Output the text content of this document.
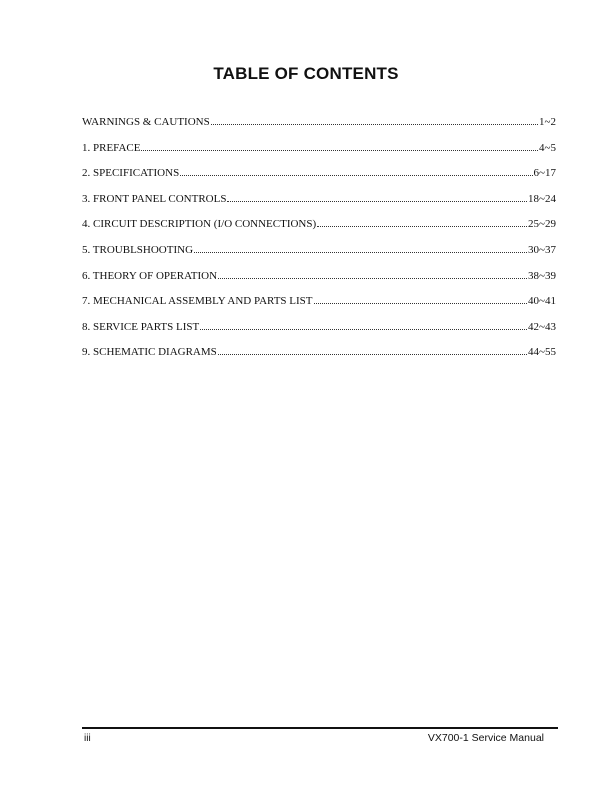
TABLE OF CONTENTS
WARNINGS & CAUTIONS	1~2
1. PREFACE	4~5
2. SPECIFICATIONS	6~17
3. FRONT PANEL CONTROLS	18~24
4. CIRCUIT DESCRIPTION (I/O CONNECTIONS)	25~29
5. TROUBLSHOOTING	30~37
6. THEORY OF OPERATION	38~39
7. MECHANICAL ASSEMBLY AND PARTS LIST	40~41
8. SERVICE PARTS LIST	42~43
9. SCHEMATIC DIAGRAMS	44~55
iii	VX700-1 Service Manual
